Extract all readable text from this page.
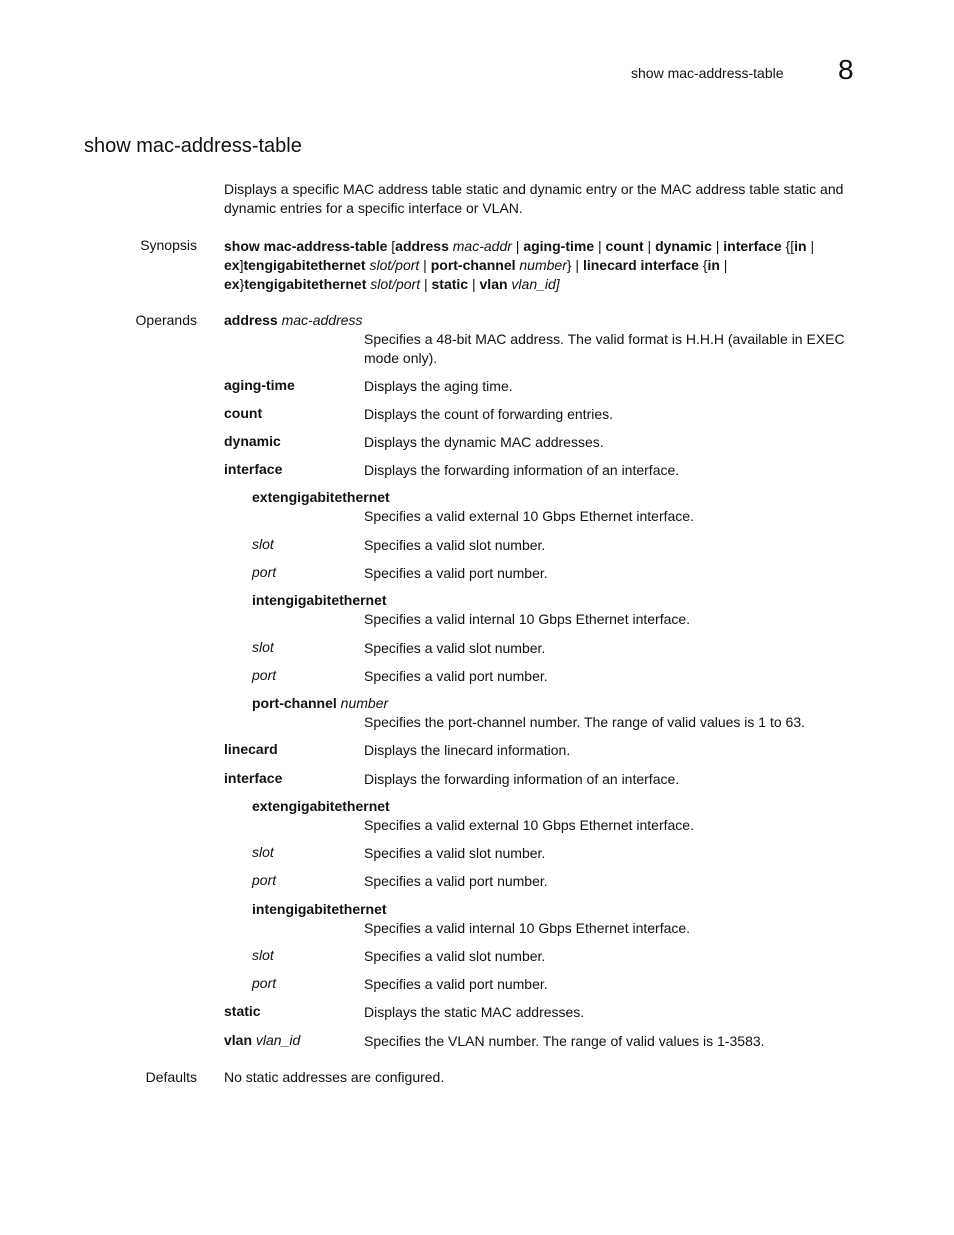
show mac-address-table 8
show mac-address-table
Displays a specific MAC address table static and dynamic entry or the MAC address table static and dynamic entries for a specific interface or VLAN.
Synopsis show mac-address-table [address mac-addr | aging-time | count | dynamic | interface {[in |
ex]tengigabitethernet slot/port | port-channel number} | linecard interface {in |
ex}tengigabitethernet slot/port | static | vlan vlan_id]
Operands address mac-address
Specifies a 48-bit MAC address. The valid format is H.H.H (available in EXEC mode only).
aging-time	Displays the aging time.
count	Displays the count of forwarding entries.
dynamic	Displays the dynamic MAC addresses.
interface	Displays the forwarding information of an interface.
extengigabitethernet
Specifies a valid external 10 Gbps Ethernet interface.
slot	Specifies a valid slot number.
port	Specifies a valid port number.
intengigabitethernet
Specifies a valid internal 10 Gbps Ethernet interface.
slot	Specifies a valid slot number.
port	Specifies a valid port number.
port-channel number
Specifies the port-channel number. The range of valid values is 1 to 63.
linecard	Displays the linecard information.
interface	Displays the forwarding information of an interface.
extengigabitethernet
Specifies a valid external 10 Gbps Ethernet interface.
slot	Specifies a valid slot number.
port	Specifies a valid port number.
intengigabitethernet
Specifies a valid internal 10 Gbps Ethernet interface.
slot	Specifies a valid slot number.
port	Specifies a valid port number.
static	Displays the static MAC addresses.
vlan vlan_id	Specifies the VLAN number. The range of valid values is 1-3583.
Defaults No static addresses are configured.
